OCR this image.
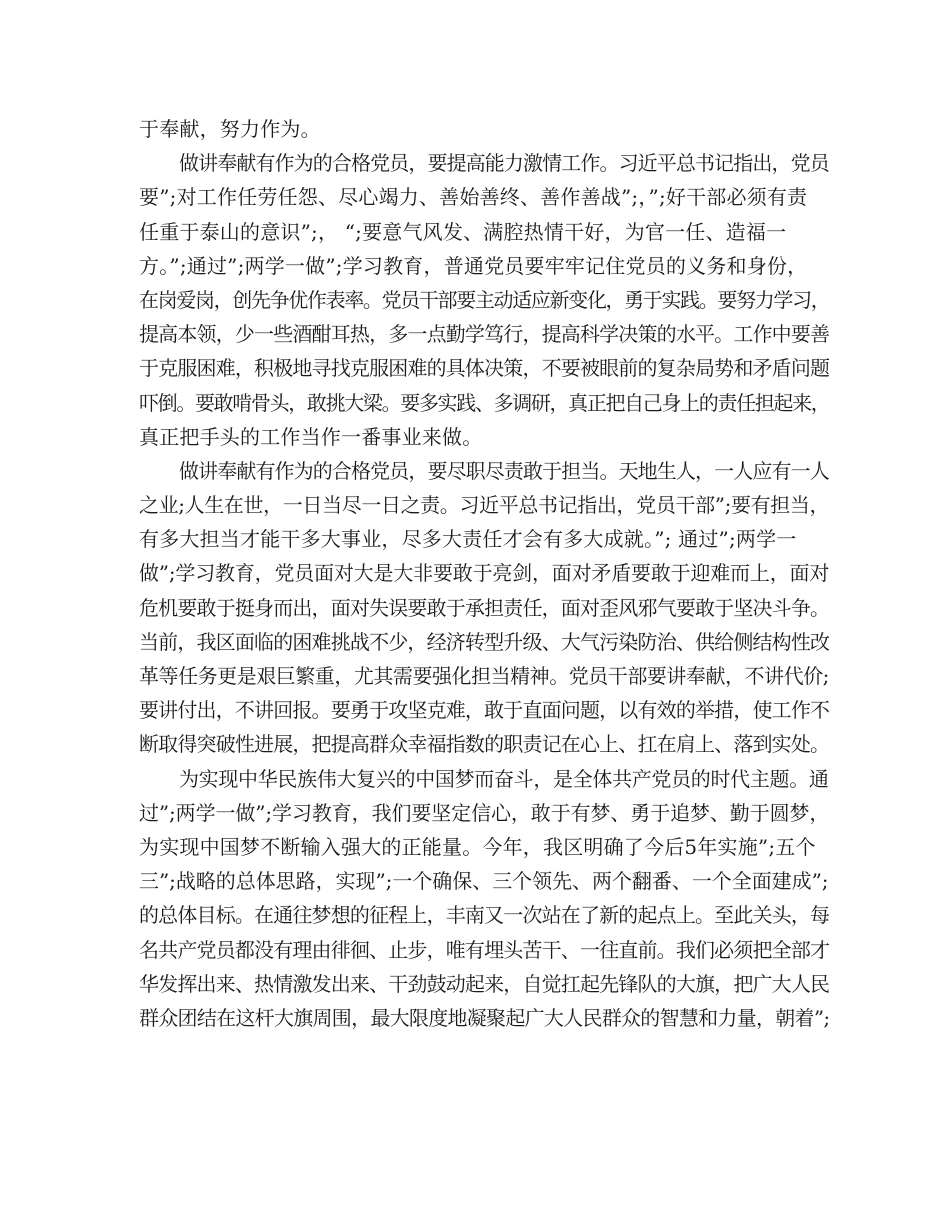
于奉献，努力作为。
做讲奉献有作为的合格党员，要提高能力激情工作。习近平总书记指出，党员
要”;对工作任劳任怨、尽心竭力、善始善终、善作善战”;，”;好干部必须有责
任重于泰山的意识”;， “;要意气风发、满腔热情干好，为官一任、造福一
方。”;通过”;两学一做”;学习教育，普通党员要牢牢记住党员的义务和身份，
在岗爱岗，创先争优作表率。党员干部要主动适应新变化，勇于实践。要努力学习，
提高本领，少一些酒酣耳热，多一点勤学笃行，提高科学决策的水平。工作中要善
于克服困难，积极地寻找克服困难的具体决策，不要被眼前的复杂局势和矛盾问题
吓倒。要敢啃骨头，敢挑大梁。要多实践、多调研，真正把自己身上的责任担起来，
真正把手头的工作当作一番事业来做。
做讲奉献有作为的合格党员，要尽职尽责敢于担当。天地生人，一人应有一人
之业;人生在世，一日当尽一日之责。习近平总书记指出，党员干部”;要有担当，
有多大担当才能干多大事业，尽多大责任才会有多大成就。”; 通过”;两学一
做”;学习教育，党员面对大是大非要敢于亮剑，面对矛盾要敢于迎难而上，面对
危机要敢于挺身而出，面对失误要敢于承担责任，面对歪风邪气要敢于坚决斗争。
当前，我区面临的困难挑战不少，经济转型升级、大气污染防治、供给侧结构性改
革等任务更是艰巨繁重，尤其需要强化担当精神。党员干部要讲奉献，不讲代价;
要讲付出，不讲回报。要勇于攻坚克难，敢于直面问题，以有效的举措，使工作不
断取得突破性进展，把提高群众幸福指数的职责记在心上、扛在肩上、落到实处。
为实现中华民族伟大复兴的中国梦而奋斗，是全体共产党员的时代主题。通
过”;两学一做”;学习教育，我们要坚定信心，敢于有梦、勇于追梦、勤于圆梦，
为实现中国梦不断输入强大的正能量。今年，我区明确了今后5年实施”;五个
三”;战略的总体思路，实现”;一个确保、三个领先、两个翻番、一个全面建成”;
的总体目标。在通往梦想的征程上，丰南又一次站在了新的起点上。至此关头，每
名共产党员都没有理由徘徊、止步，唯有埋头苦干、一往直前。我们必须把全部才
华发挥出来、热情激发出来、干劲鼓动起来，自觉扛起先锋队的大旗，把广大人民
群众团结在这杆大旗周围，最大限度地凝聚起广大人民群众的智慧和力量，朝着”;
